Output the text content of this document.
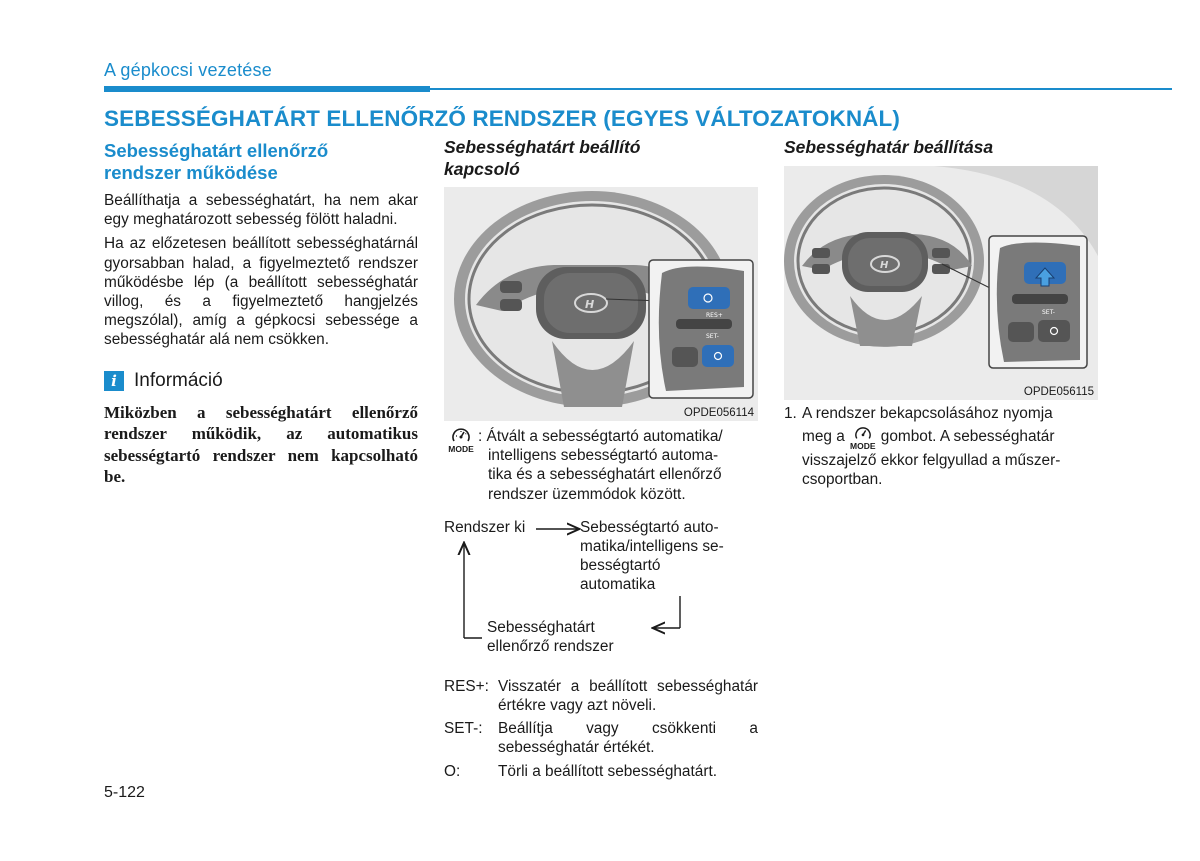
A gépkocsi vezetése
SEBESSÉGHATÁRT ELLENŐRZŐ RENDSZER (EGYES VÁLTOZATOKNÁL)
Sebességhatárt ellenőrző
rendszer működése

Beállíthatja a sebességhatárt, ha nem akar egy meghatározott sebesség fölött haladni.

Ha az előzetesen beállított sebességhatárnál gyorsabban halad, a figyelmeztető rendszer működésbe lép (a beállított sebességhatár villog, és a figyelmeztető hangjelzés megszólal), amíg a gépkocsi sebessége a sebességhatár alá nem csökken.

i Információ

Miközben a sebességhatárt ellenőrző rendszer működik, az automatikus sebességtartó rendszer nem kapcsolható be.

Sebességhatárt beállító
kapcsoló
H
RES+
SET-
OPDE056114
MODE
: Átvált a sebességtartó automatika/
intelligens sebességtartó automa-
tika és a sebességhatárt ellenőrző
rendszer üzemmódok között.
Rendszer ki	Sebességtartó auto-
matika/intelligens se-
bességtartó
automatika
Sebességhatárt
ellenőrző rendszer
RES+: Visszatér a beállított sebességhatár értékre vagy azt növeli.
SET-:	Beállítja vagy csökkenti a sebességhatár értékét.
O:	Törli a beállított sebességhatárt.
Sebességhatár beállítása
H
SET-
OPDE056115
1. A rendszer bekapcsolásához nyomja
meg a
MODE
gombot. A sebességhatár
visszajelző ekkor felgyullad a műszer-
csoportban.
5-122
